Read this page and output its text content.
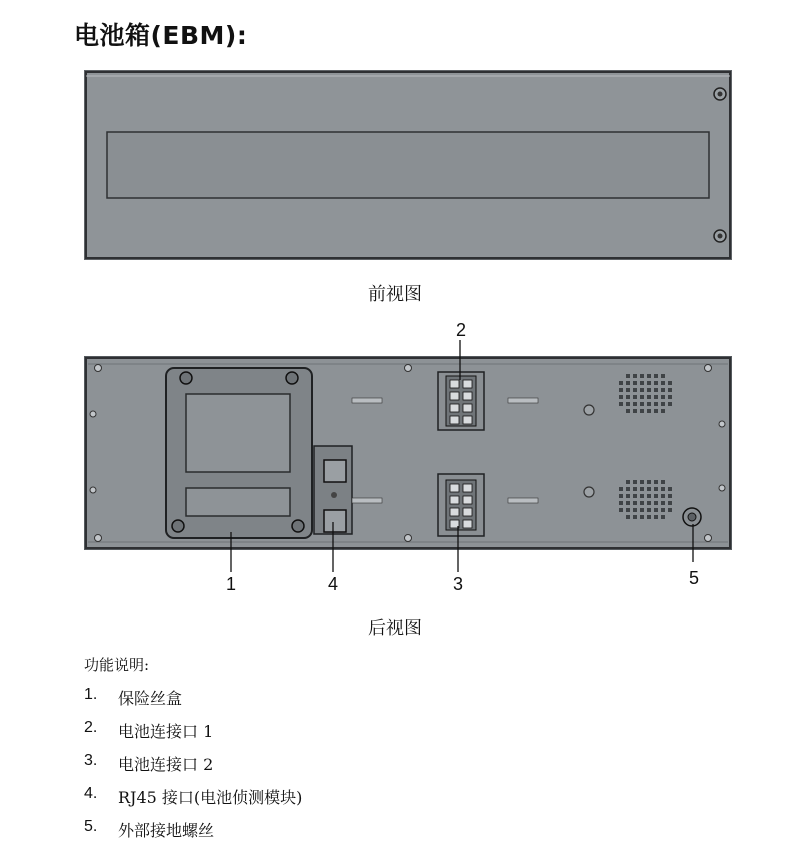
电池箱(EBM):
前视图
1	4
2
3	5
后视图
功能说明:
1.	保险丝盒
2.	电池连接口 1
3.	电池连接口 2
4.	RJ45 接口(电池侦测模块)
5.	外部接地螺丝
